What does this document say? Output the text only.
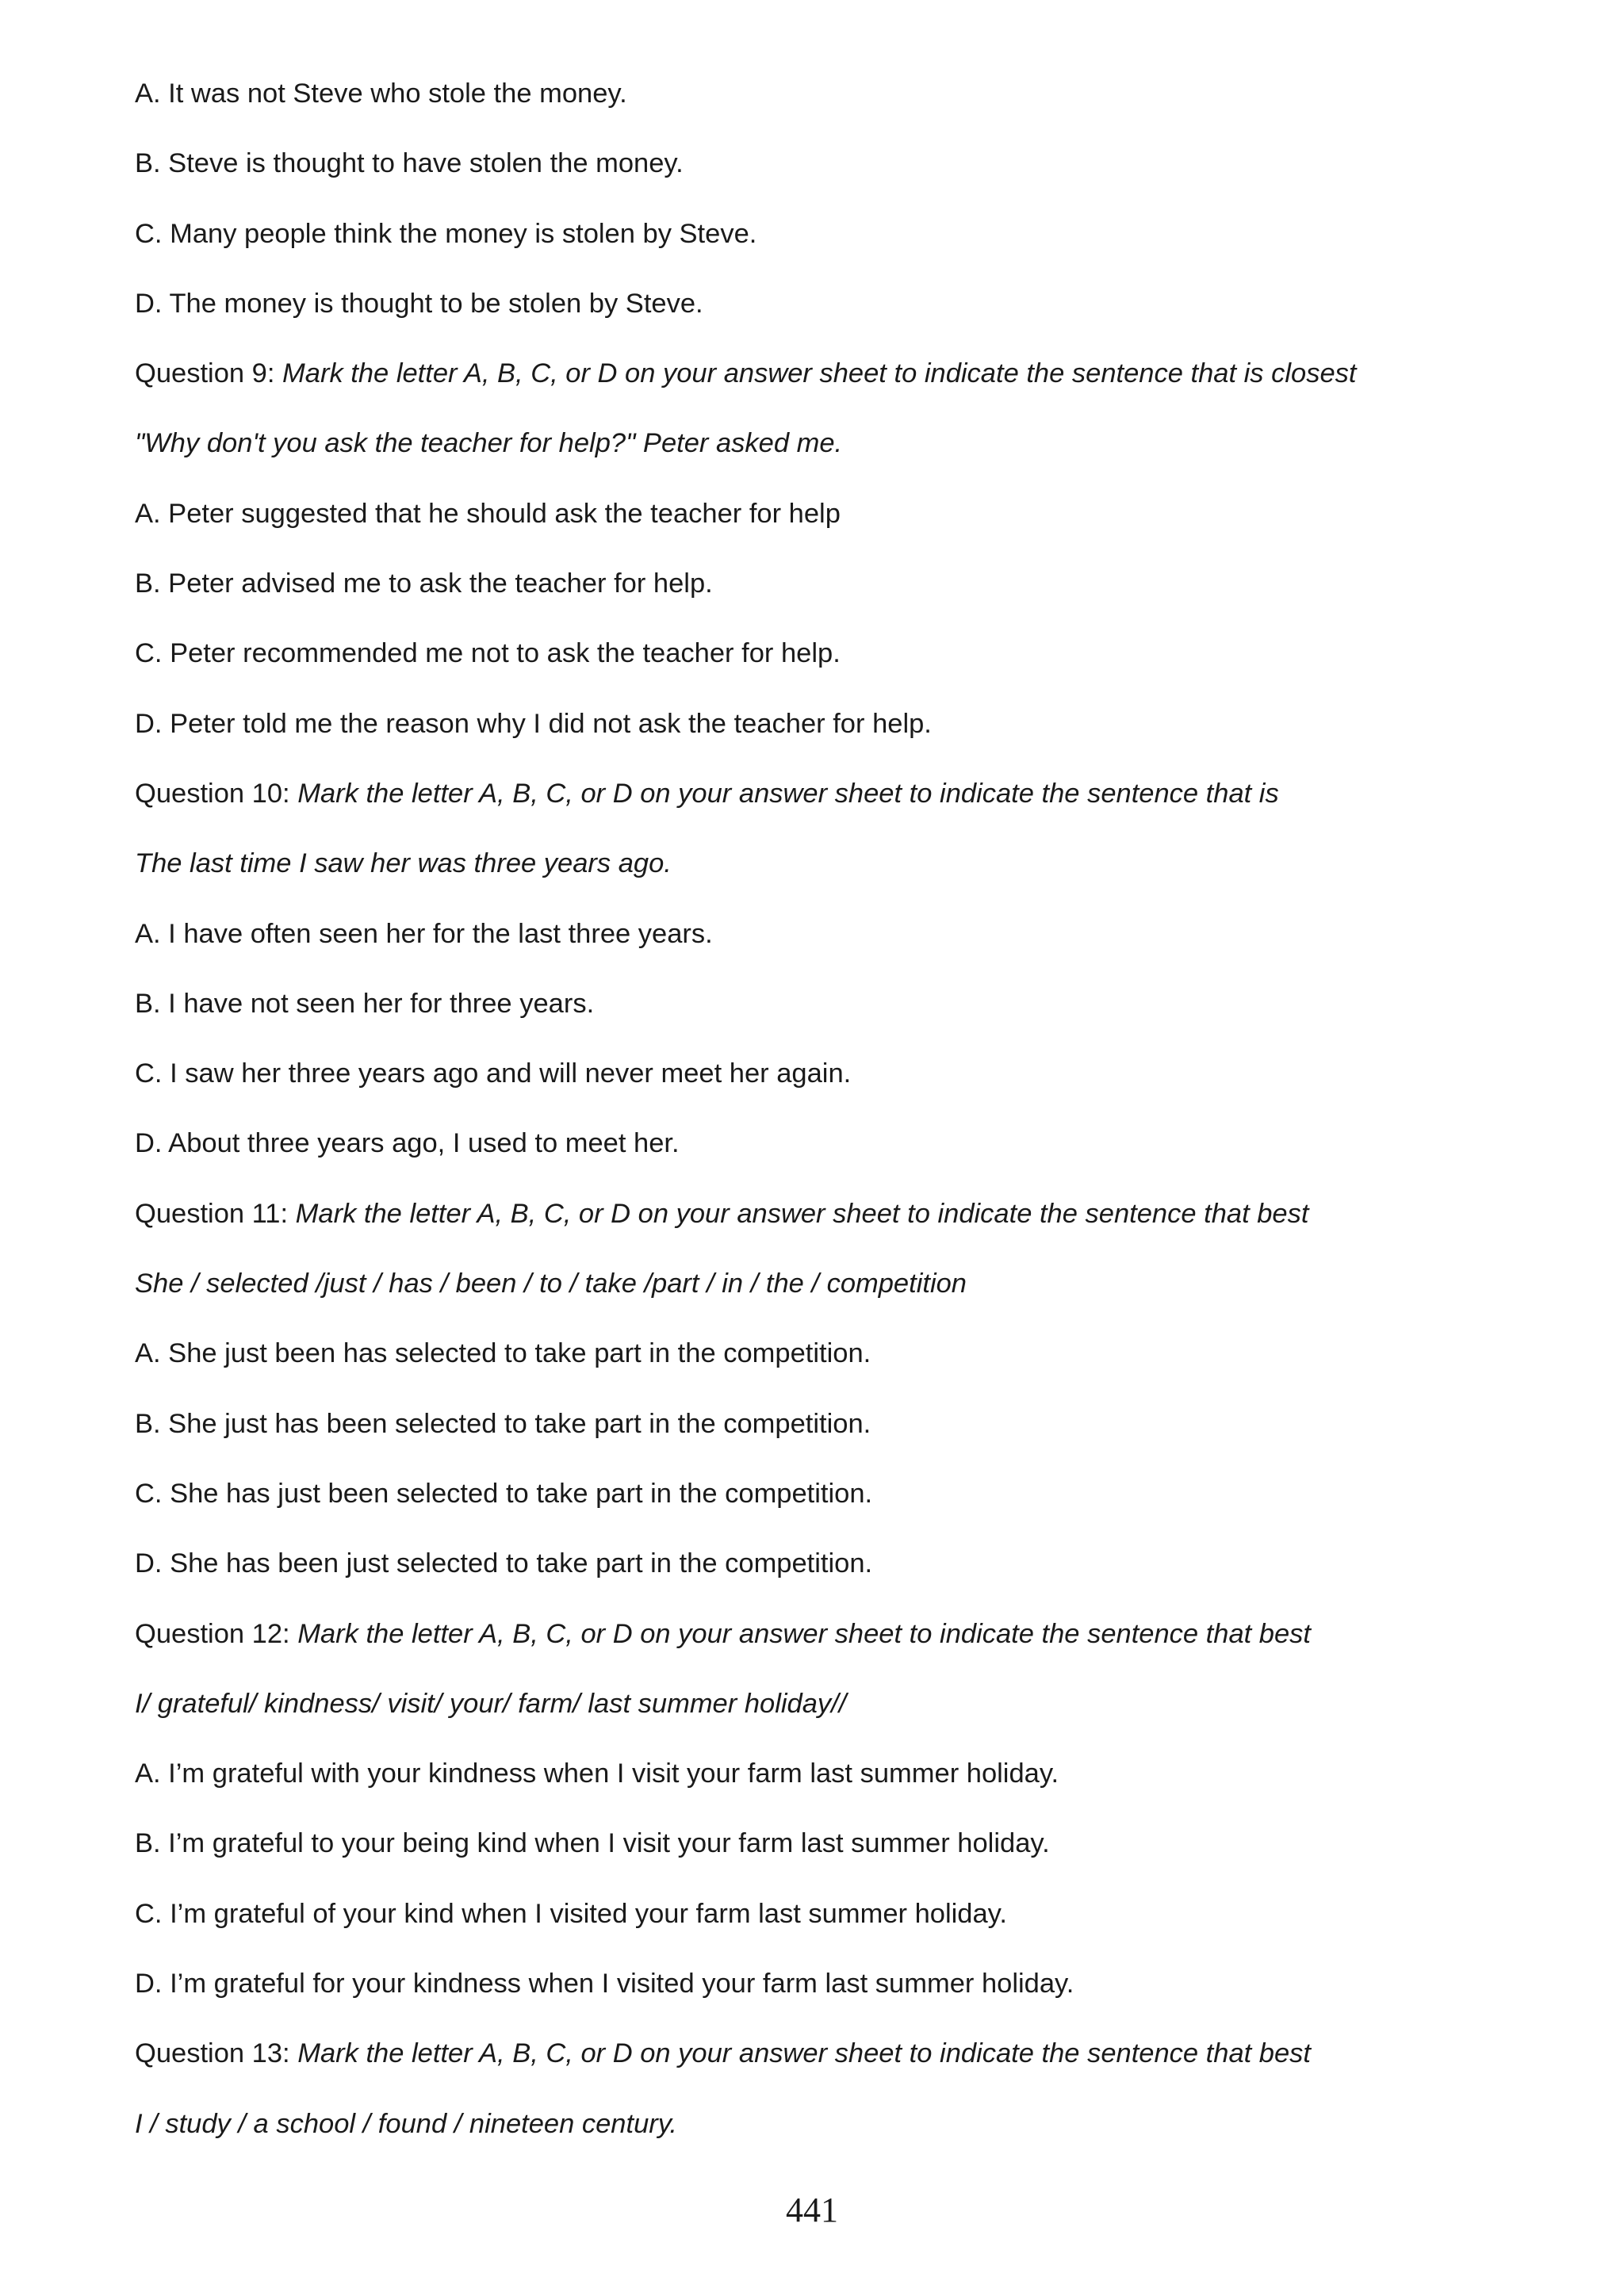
A. It was not Steve who stole the money.
B. Steve is thought to have stolen the money.
C. Many people think the money is stolen by Steve.
D. The money is thought to be stolen by Steve.
Question 9: Mark the letter A, B, C, or D on your answer sheet to indicate the sentence that is closest
"Why don't you ask the teacher for help?" Peter asked me.
A. Peter suggested that he should ask the teacher for help
B. Peter advised me to ask the teacher for help.
C. Peter recommended me not to ask the teacher for help.
D. Peter told me the reason why I did not ask the teacher for help.
Question 10: Mark the letter A, B, C, or D on your answer sheet to indicate the sentence that is
The last time I saw her was three years ago.
A. I have often seen her for the last three years.
B. I have not seen her for three years.
C. I saw her three years ago and will never meet her again.
D. About three years ago, I used to meet her.
Question 11: Mark the letter A, B, C, or D on your answer sheet to indicate the sentence that best
She / selected /just / has / been / to / take /part / in / the / competition
A. She just been has selected to take part in the competition.
B. She just has been selected to take part in the competition.
C. She has just been selected to take part in the competition.
D. She has been just selected to take part in the competition.
Question 12: Mark the letter A, B, C, or D on your answer sheet to indicate the sentence that best
I/ grateful/ kindness/ visit/ your/ farm/ last summer holiday//
A. I’m grateful with your kindness when I visit your farm last summer holiday.
B. I’m grateful to your being kind when I visit your farm last summer holiday.
C. I’m grateful of your kind when I visited your farm last summer holiday.
D. I’m grateful for your kindness when I visited your farm last summer holiday.
Question 13: Mark the letter A, B, C, or D on your answer sheet to indicate the sentence that best
I / study / a school / found / nineteen century.
441
